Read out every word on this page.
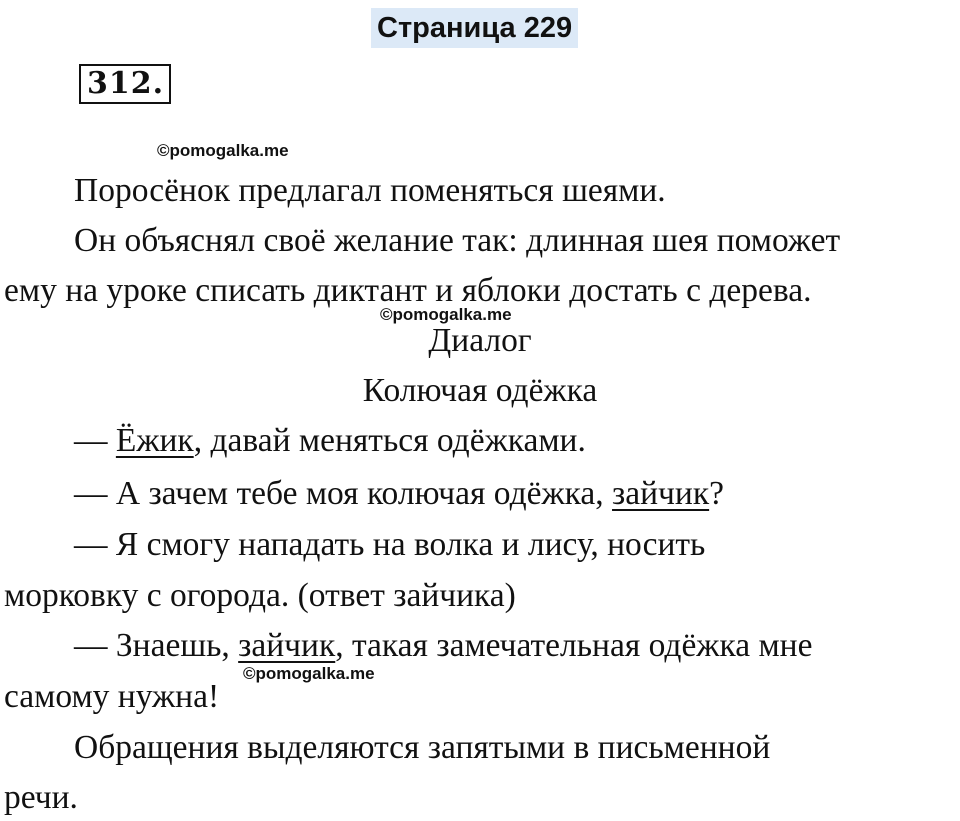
Страница 229
312.
©pomogalka.me
Поросёнок предлагал поменяться шеями.
Он объяснял своё желание так: длинная шея поможет
ему на уроке списать диктант и яблоки достать с дерева.
©pomogalka.me
Диалог
Колючая одёжка
— Ёжик, давай меняться одёжками.
— А зачем тебе моя колючая одёжка, зайчик?
— Я смогу нападать на волка и лису, носить
морковку с огорода. (ответ зайчика)
— Знаешь, зайчик, такая замечательная одёжка мне
©pomogalka.me
самому нужна!
Обращения выделяются запятыми в письменной
речи.
